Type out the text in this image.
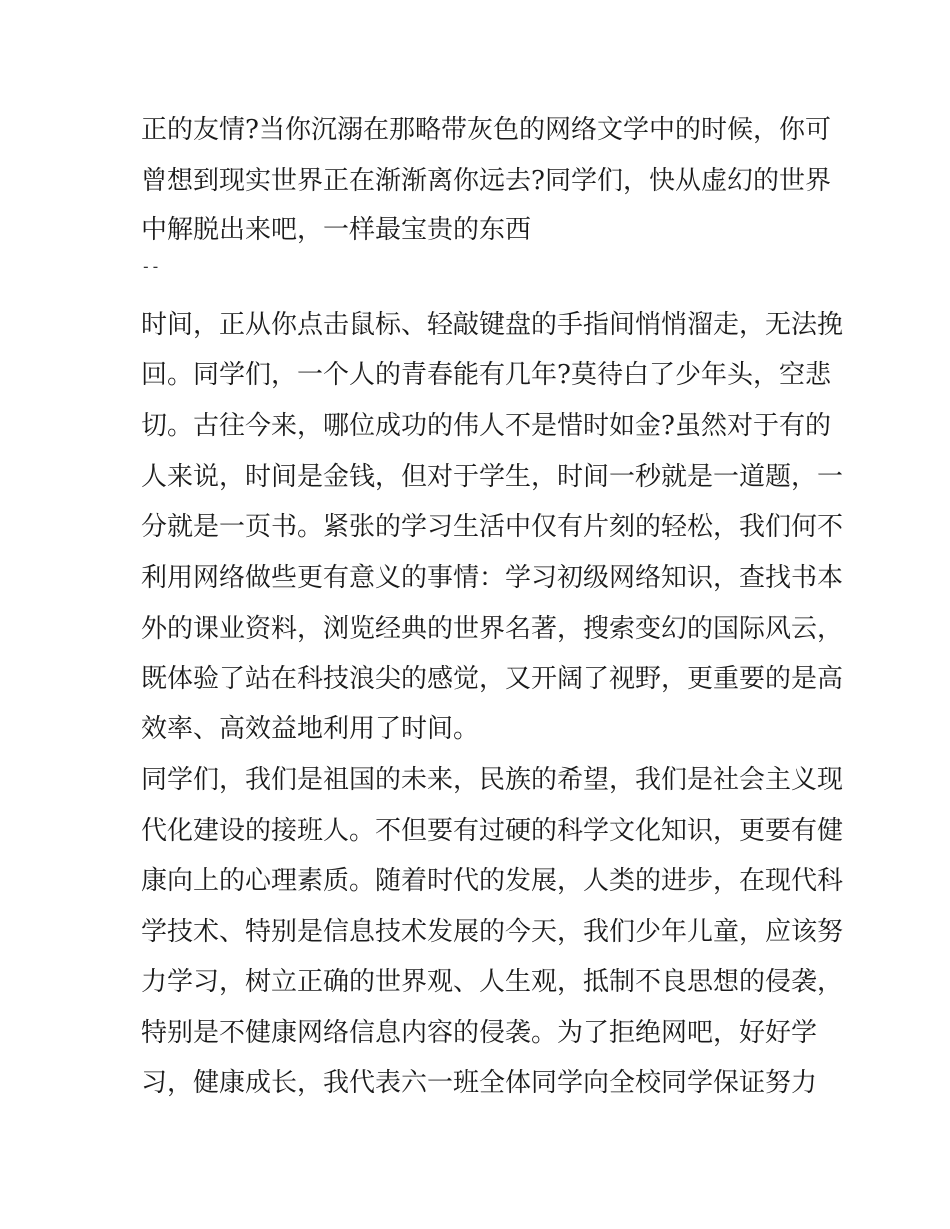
正的友情?当你沉溺在那略带灰色的网络文学中的时候，你可
曾想到现实世界正在渐渐离你远去?同学们，快从虚幻的世界
中解脱出来吧，一样最宝贵的东西
--
时间，正从你点击鼠标、轻敲键盘的手指间悄悄溜走，无法挽
回。同学们，一个人的青春能有几年?莫待白了少年头，空悲
切。古往今来，哪位成功的伟人不是惜时如金?虽然对于有的
人来说，时间是金钱，但对于学生，时间一秒就是一道题，一
分就是一页书。紧张的学习生活中仅有片刻的轻松，我们何不
利用网络做些更有意义的事情：学习初级网络知识，查找书本
外的课业资料，浏览经典的世界名著，搜索变幻的国际风云，
既体验了站在科技浪尖的感觉，又开阔了视野，更重要的是高
效率、高效益地利用了时间。
同学们，我们是祖国的未来，民族的希望，我们是社会主义现
代化建设的接班人。不但要有过硬的科学文化知识，更要有健
康向上的心理素质。随着时代的发展，人类的进步，在现代科
学技术、特别是信息技术发展的今天，我们少年儿童，应该努
力学习，树立正确的世界观、人生观，抵制不良思想的侵袭，
特别是不健康网络信息内容的侵袭。为了拒绝网吧，好好学
习，健康成长，我代表六一班全体同学向全校同学保证努力
